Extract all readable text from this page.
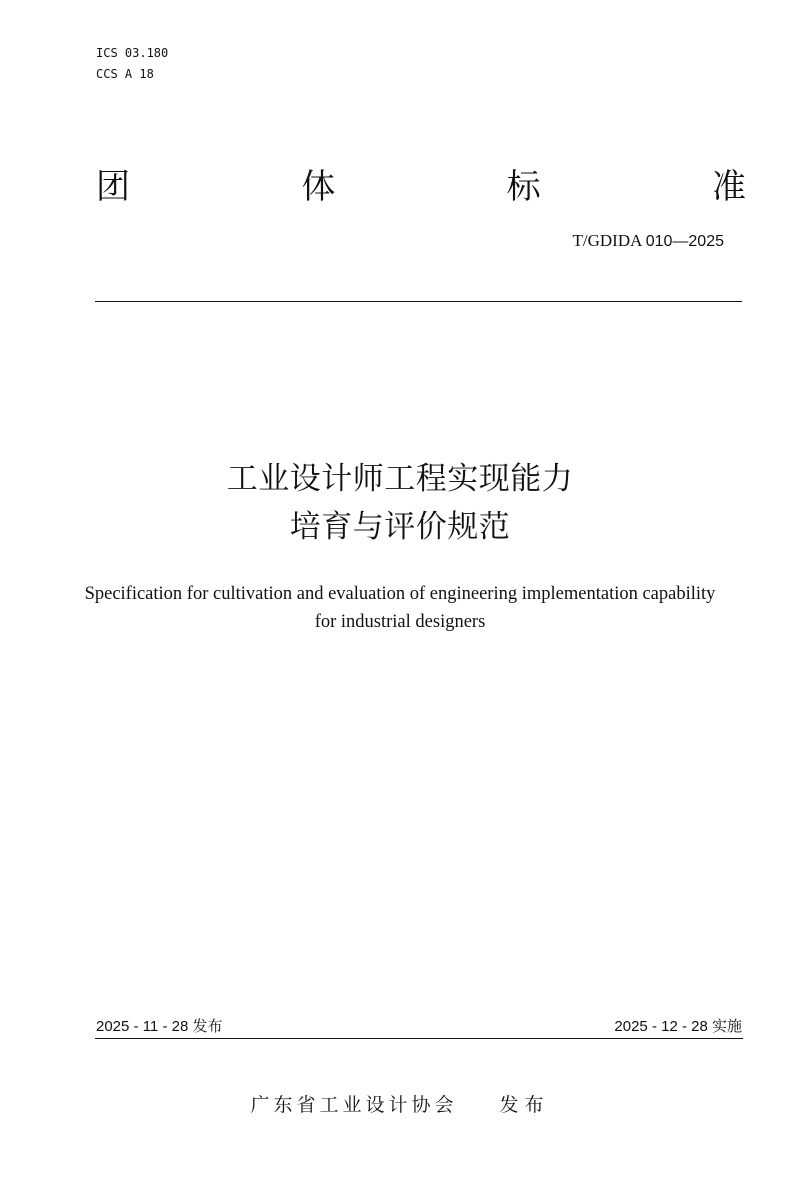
ICS 03.180
CCS A 18
团	体	标	准
T/GDIDA 010—2025
工业设计师工程实现能力
培育与评价规范
Specification for cultivation and evaluation of engineering implementation capability
for industrial designers
2025 - 11 - 28 发布	2025 - 12 - 28 实施
广东省工业设计协会 发布
